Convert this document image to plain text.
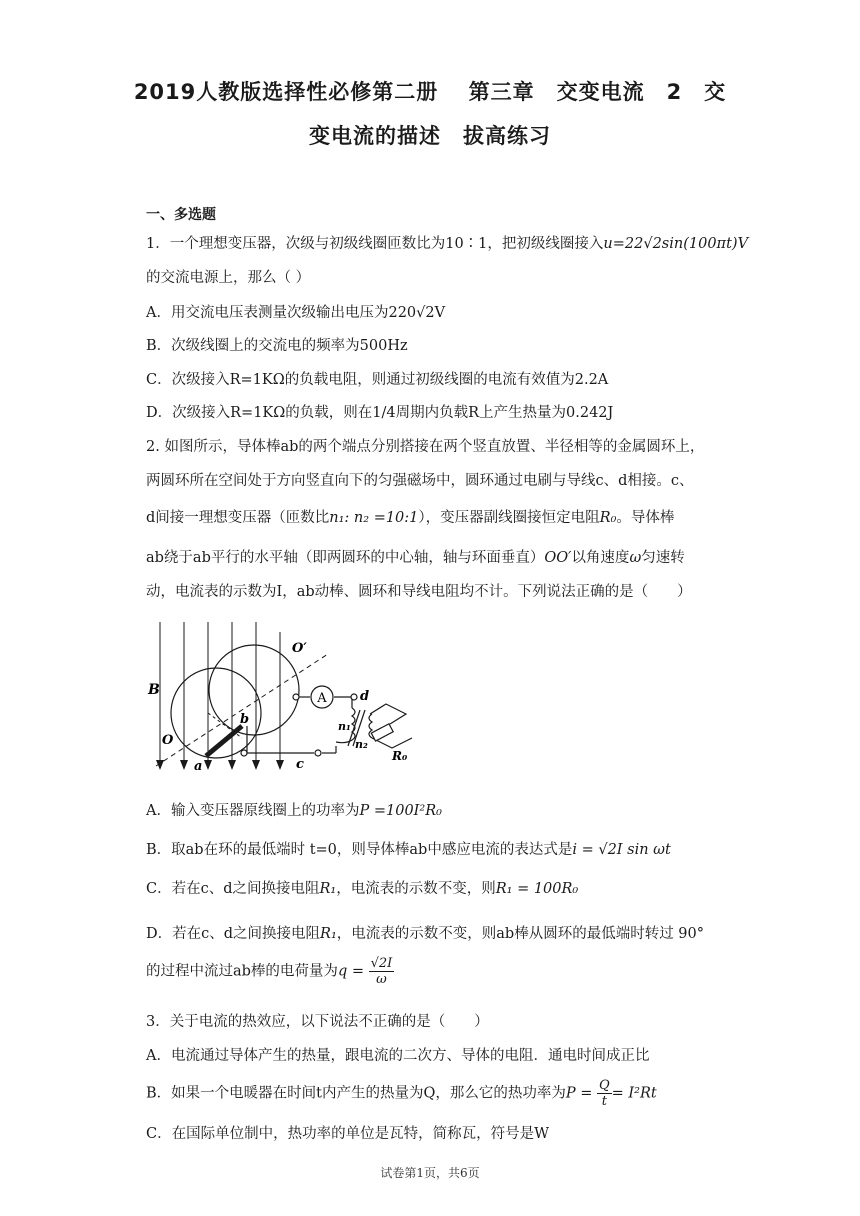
2019人教版选择性必修第二册　 第三章　交变电流　2　交
变电流的描述　拔高练习
一、多选题
1．一个理想变压器，次级与初级线圈匝数比为10∶1，把初级线圈接入u=22√2sin(100πt)V
的交流电源上，那么（ ）
A．用交流电压表测量次级输出电压为220√2V
B．次级线圈上的交流电的频率为500Hz
C．次级接入R=1KΩ的负载电阻，则通过初级线圈的电流有效值为2.2A
D．次级接入R=1KΩ的负载，则在1/4周期内负载R上产生热量为0.242J
2. 如图所示，导体棒ab的两个端点分别搭接在两个竖直放置、半径相等的金属圆环上，
两圆环所在空间处于方向竖直向下的匀强磁场中，圆环通过电刷与导线c、d相接。c、
d间接一理想变压器（匝数比n₁: n₂ =10:1），变压器副线圈接恒定电阻R₀。导体棒
ab绕于ab平行的水平轴（即两圆环的中心轴，轴与环面垂直）OO′以角速度ω匀速转
动，电流表的示数为I，ab动棒、圆环和导线电阻均不计。下列说法正确的是（　　）
A
B
O
O′
a
b
c
d
n₁
n₂
R₀
A．输入变压器原线圈上的功率为P =100I²R₀
B．取ab在环的最低端时 t=0，则导体棒ab中感应电流的表达式是i = √2I sin ωt
C．若在c、d之间换接电阻R₁，电流表的示数不变，则R₁ = 100R₀
D．若在c、d之间换接电阻R₁，电流表的示数不变，则ab棒从圆环的最低端时转过 90°
的过程中流过ab棒的电荷量为$q = \frac{√2I}{\omega}$
3．关于电流的热效应，以下说法不正确的是（　　）
A．电流通过导体产生的热量，跟电流的二次方、导体的电阻．通电时间成正比
B．如果一个电暖器在时间t内产生的热量为Q，那么它的热功率为$P = \frac{Q}{t} = I^2Rt$
C．在国际单位制中，热功率的单位是瓦特，简称瓦，符号是W
试卷第1页，共6页
